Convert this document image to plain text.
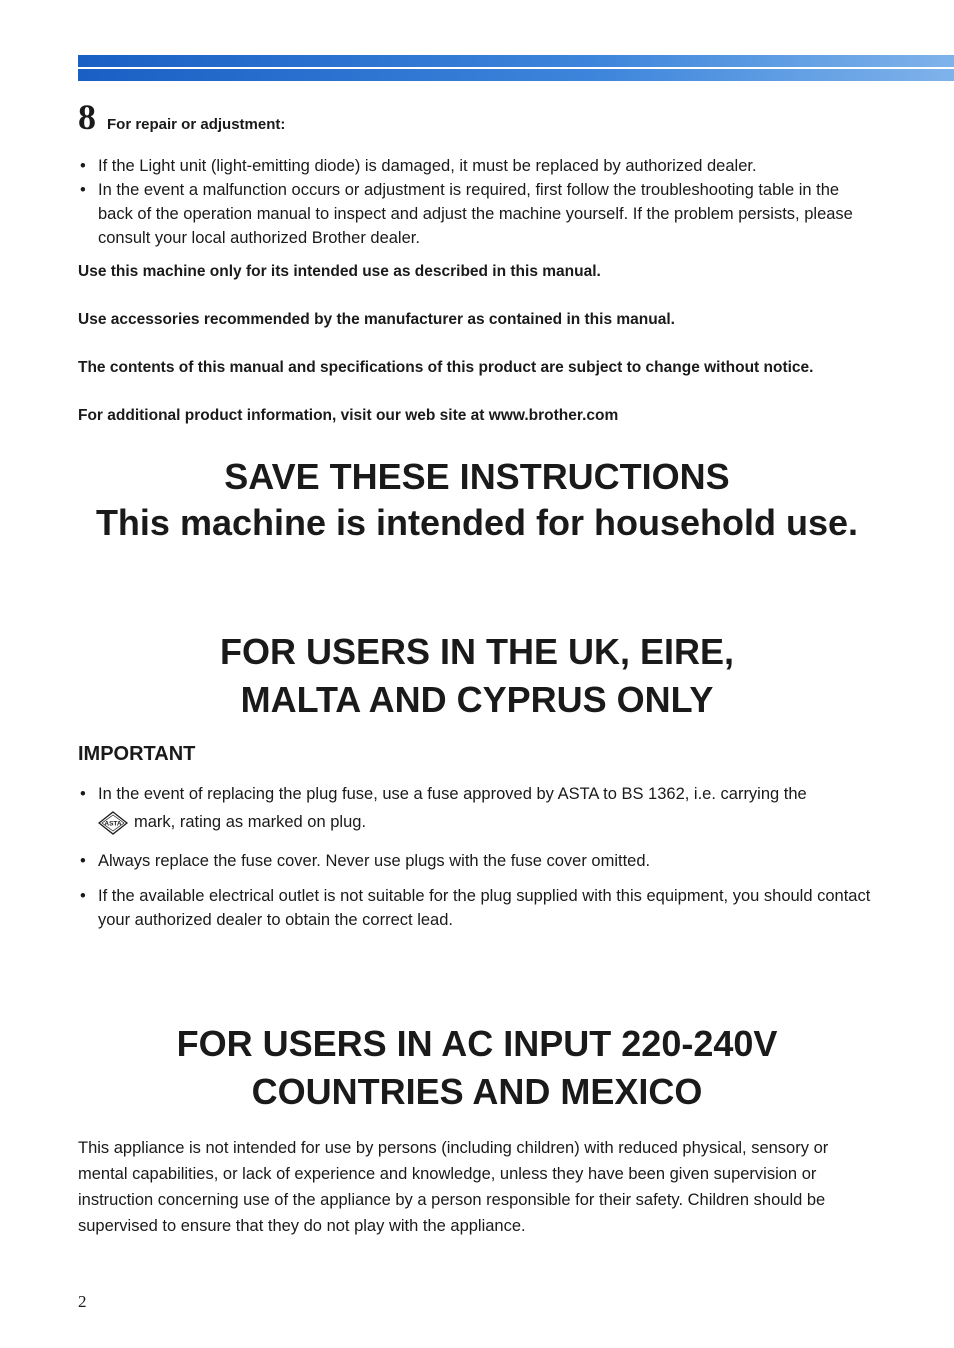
8 For repair or adjustment:
• If the Light unit (light-emitting diode) is damaged, it must be replaced by authorized dealer.
• In the event a malfunction occurs or adjustment is required, first follow the troubleshooting table in the back of the operation manual to inspect and adjust the machine yourself. If the problem persists, please consult your local authorized Brother dealer.
Use this machine only for its intended use as described in this manual.
Use accessories recommended by the manufacturer as contained in this manual.
The contents of this manual and specifications of this product are subject to change without notice.
For additional product information, visit our web site at www.brother.com
SAVE THESE INSTRUCTIONS
This machine is intended for household use.
FOR USERS IN THE UK, EIRE,
MALTA AND CYPRUS ONLY
IMPORTANT
• In the event of replacing the plug fuse, use a fuse approved by ASTA to BS 1362, i.e. carrying the

ASTA mark, rating as marked on plug.
• Always replace the fuse cover. Never use plugs with the fuse cover omitted.
• If the available electrical outlet is not suitable for the plug supplied with this equipment, you should contact your authorized dealer to obtain the correct lead.
FOR USERS IN AC INPUT 220-240V
COUNTRIES AND MEXICO

This appliance is not intended for use by persons (including children) with reduced physical, sensory or mental capabilities, or lack of experience and knowledge, unless they have been given supervision or instruction concerning use of the appliance by a person responsible for their safety. Children should be supervised to ensure that they do not play with the appliance.

2
